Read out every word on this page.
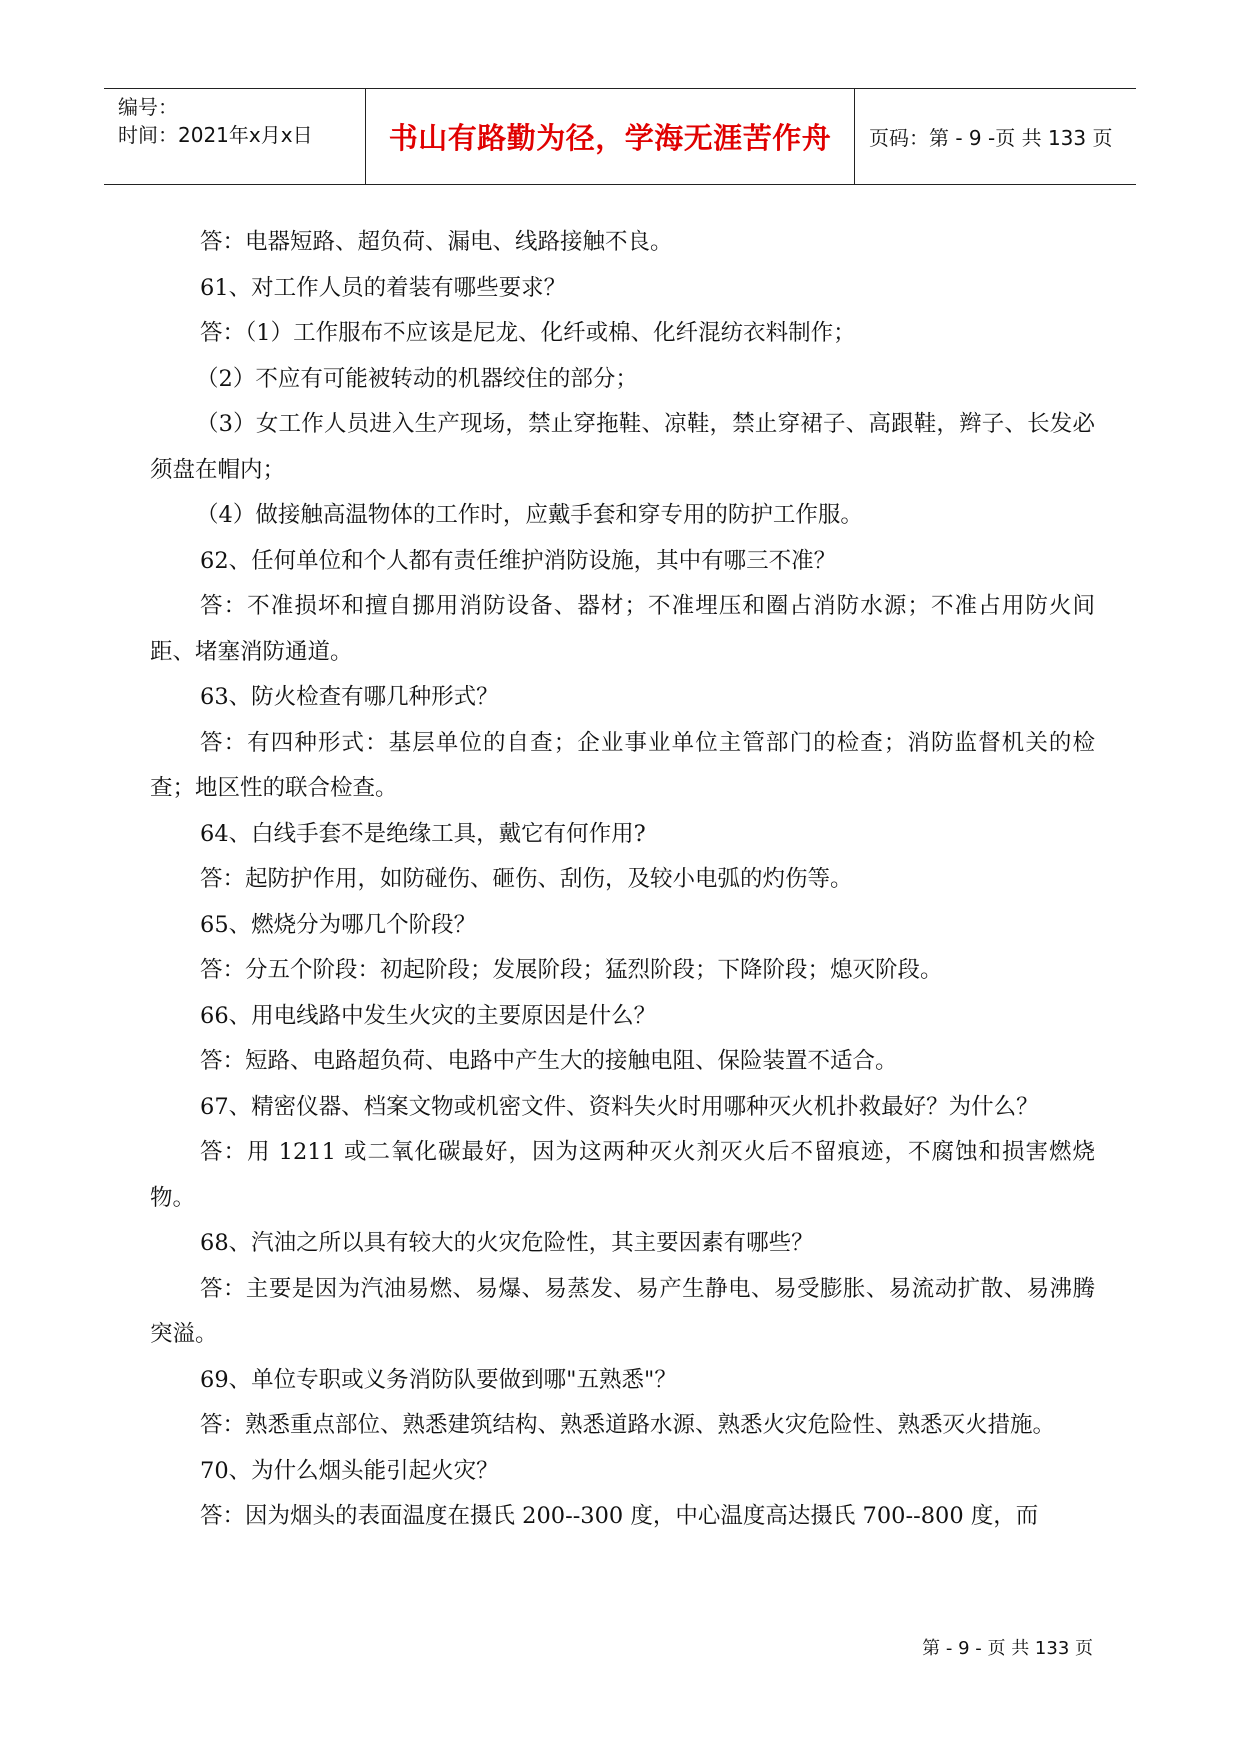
编号：
时间：2021年x月x日	书山有路勤为径，学海无涯苦作舟	页码：第 - 9 -页 共 133 页

答：电器短路、超负荷、漏电、线路接触不良。

61、对工作人员的着装有哪些要求？

答：（1）工作服布不应该是尼龙、化纤或棉、化纤混纺衣料制作；

（2）不应有可能被转动的机器绞住的部分；

（3）女工作人员进入生产现场，禁止穿拖鞋、凉鞋，禁止穿裙子、高跟鞋，辫子、长发必须盘在帽内；

（4）做接触高温物体的工作时，应戴手套和穿专用的防护工作服。

62、任何单位和个人都有责任维护消防设施，其中有哪三不准？

答：不准损坏和擅自挪用消防设备、器材；不准埋压和圈占消防水源；不准占用防火间距、堵塞消防通道。

63、防火检查有哪几种形式？

答：有四种形式：基层单位的自查；企业事业单位主管部门的检查；消防监督机关的检查；地区性的联合检查。

64、白线手套不是绝缘工具，戴它有何作用?

答：起防护作用，如防碰伤、砸伤、刮伤，及较小电弧的灼伤等。

65、燃烧分为哪几个阶段？

答：分五个阶段：初起阶段；发展阶段；猛烈阶段；下降阶段；熄灭阶段。

66、用电线路中发生火灾的主要原因是什么？

答：短路、电路超负荷、电路中产生大的接触电阻、保险装置不适合。

67、精密仪器、档案文物或机密文件、资料失火时用哪种灭火机扑救最好？为什么？

答：用 1211 或二氧化碳最好，因为这两种灭火剂灭火后不留痕迹，不腐蚀和损害燃烧物。

68、汽油之所以具有较大的火灾危险性，其主要因素有哪些？

答：主要是因为汽油易燃、易爆、易蒸发、易产生静电、易受膨胀、易流动扩散、易沸腾突溢。

69、单位专职或义务消防队要做到哪"五熟悉"？

答：熟悉重点部位、熟悉建筑结构、熟悉道路水源、熟悉火灾危险性、熟悉灭火措施。

70、为什么烟头能引起火灾？

答：因为烟头的表面温度在摄氏 200--300 度，中心温度高达摄氏 700--800 度，而

第 - 9 - 页 共 133 页
